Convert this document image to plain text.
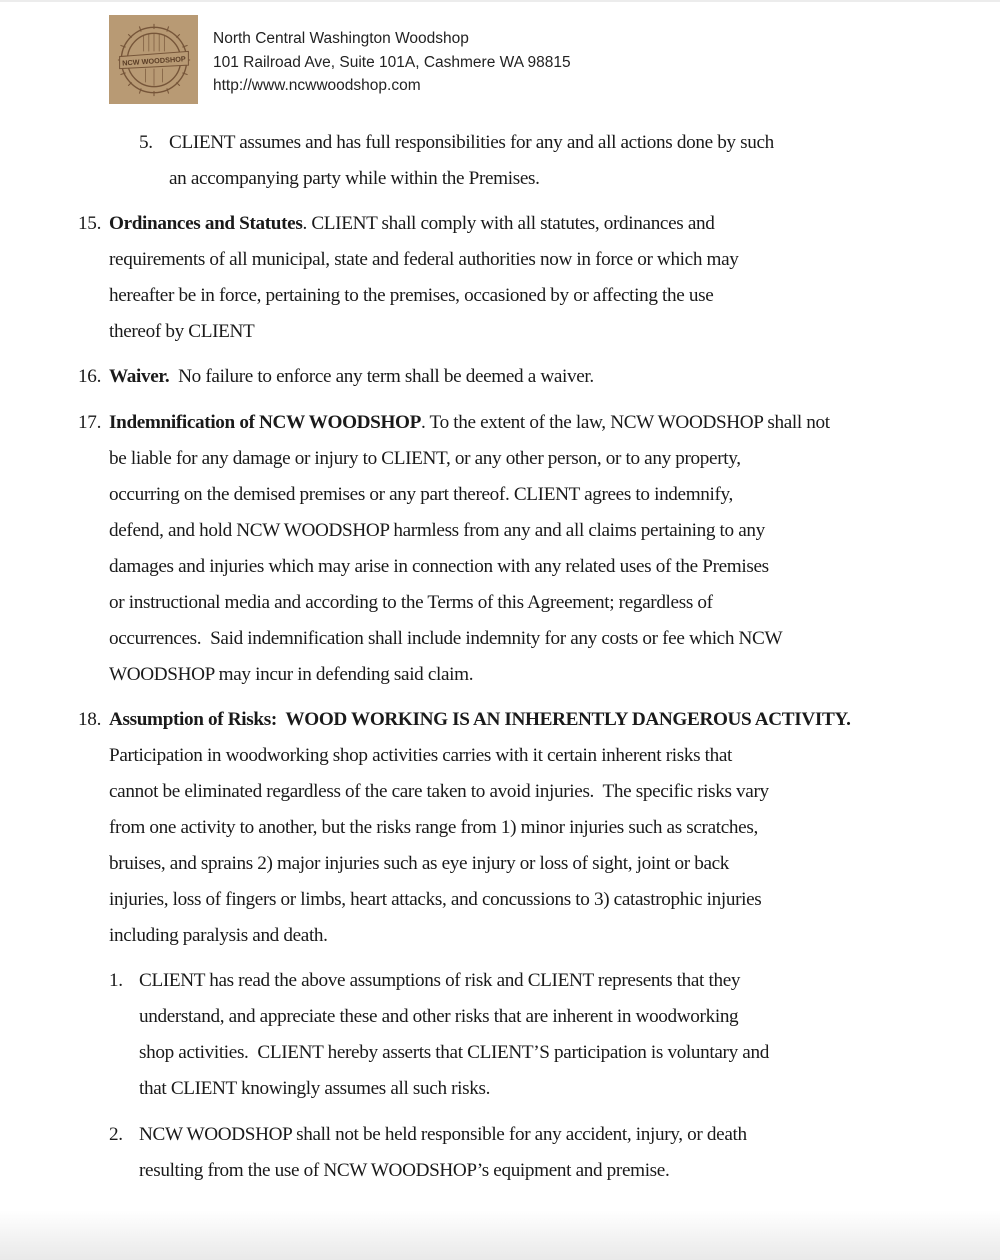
NCW WOODSHOP
North Central Washington Woodshop
101 Railroad Ave, Suite 101A, Cashmere WA 98815
http://www.ncwwoodshop.com
5. CLIENT assumes and has full responsibilities for any and all actions done by such
an accompanying party while within the Premises.
15. Ordinances and Statutes. CLIENT shall comply with all statutes, ordinances and
requirements of all municipal, state and federal authorities now in force or which may
hereafter be in force, pertaining to the premises, occasioned by or affecting the use
thereof by CLIENT
16. Waiver.  No failure to enforce any term shall be deemed a waiver.
17. Indemnification of NCW WOODSHOP. To the extent of the law, NCW WOODSHOP shall not
be liable for any damage or injury to CLIENT, or any other person, or to any property,
occurring on the demised premises or any part thereof. CLIENT agrees to indemnify,
defend, and hold NCW WOODSHOP harmless from any and all claims pertaining to any
damages and injuries which may arise in connection with any related uses of the Premises
or instructional media and according to the Terms of this Agreement; regardless of
occurrences.  Said indemnification shall include indemnity for any costs or fee which NCW
WOODSHOP may incur in defending said claim.
18. Assumption of Risks:  WOOD WORKING IS AN INHERENTLY DANGEROUS ACTIVITY.
Participation in woodworking shop activities carries with it certain inherent risks that
cannot be eliminated regardless of the care taken to avoid injuries.  The specific risks vary
from one activity to another, but the risks range from 1) minor injuries such as scratches,
bruises, and sprains 2) major injuries such as eye injury or loss of sight, joint or back
injuries, loss of fingers or limbs, heart attacks, and concussions to 3) catastrophic injuries
including paralysis and death.
1. CLIENT has read the above assumptions of risk and CLIENT represents that they
understand, and appreciate these and other risks that are inherent in woodworking
shop activities.  CLIENT hereby asserts that CLIENT’S participation is voluntary and
that CLIENT knowingly assumes all such risks.
2. NCW WOODSHOP shall not be held responsible for any accident, injury, or death
resulting from the use of NCW WOODSHOP’s equipment and premise.
